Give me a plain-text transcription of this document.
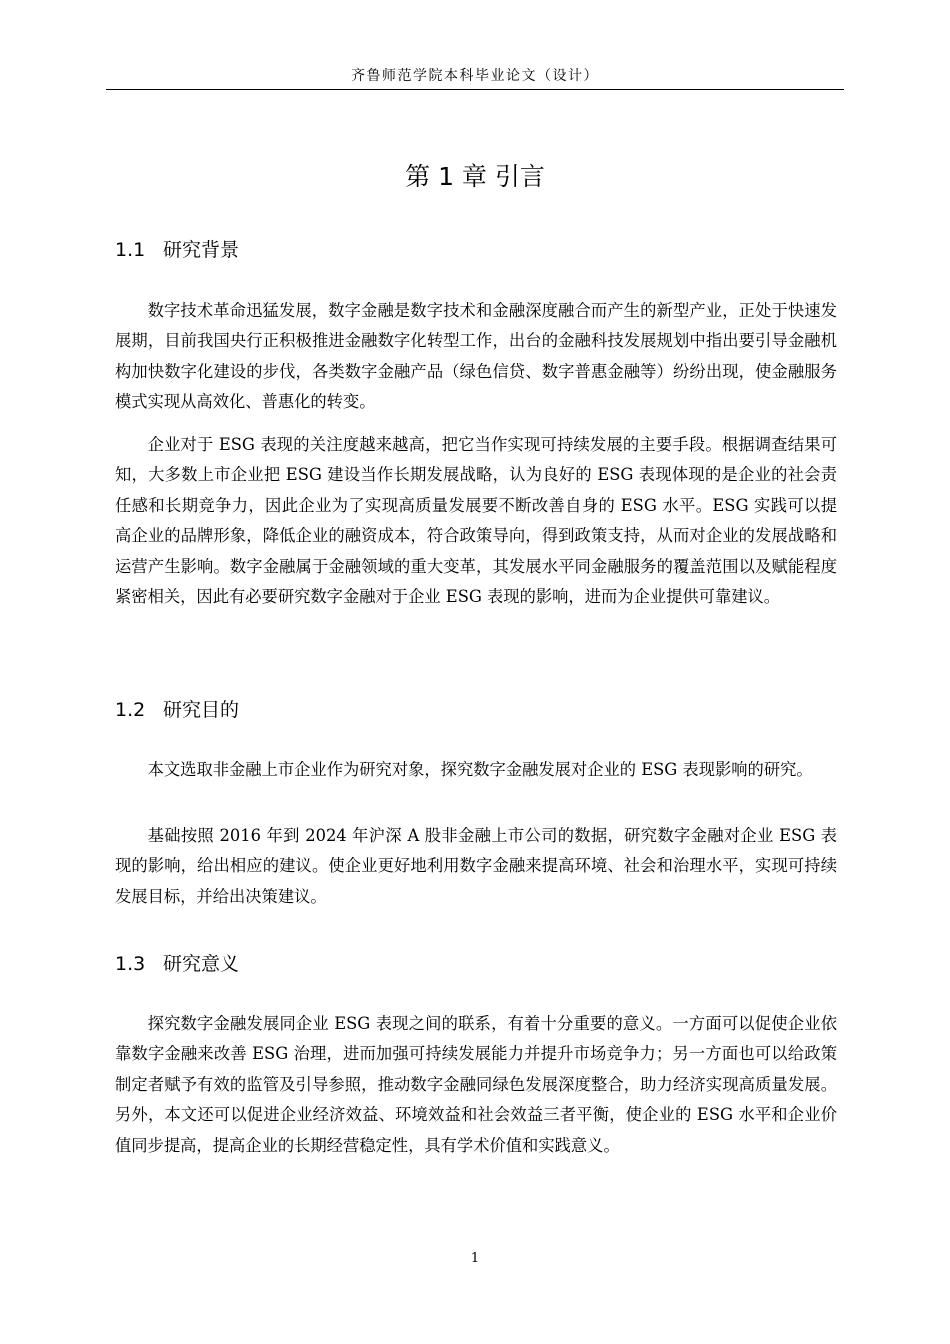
齐鲁师范学院本科毕业论文（设计）
第 1 章 引言
1.1 研究背景

数字技术革命迅猛发展，数字金融是数字技术和金融深度融合而产生的新型产业，正处于快速发展期，目前我国央行正积极推进金融数字化转型工作，出台的金融科技发展规划中指出要引导金融机构加快数字化建设的步伐，各类数字金融产品（绿色信贷、数字普惠金融等）纷纷出现，使金融服务模式实现从高效化、普惠化的转变。

企业对于 ESG 表现的关注度越来越高，把它当作实现可持续发展的主要手段。根据调查结果可知，大多数上市企业把 ESG 建设当作长期发展战略，认为良好的 ESG 表现体现的是企业的社会责任感和长期竞争力，因此企业为了实现高质量发展要不断改善自身的 ESG 水平。ESG 实践可以提高企业的品牌形象，降低企业的融资成本，符合政策导向，得到政策支持，从而对企业的发展战略和运营产生影响。数字金融属于金融领域的重大变革，其发展水平同金融服务的覆盖范围以及赋能程度紧密相关，因此有必要研究数字金融对于企业 ESG 表现的影响，进而为企业提供可靠建议。

1.2 研究目的

本文选取非金融上市企业作为研究对象，探究数字金融发展对企业的 ESG 表现影响的研究。

基础按照 2016 年到 2024 年沪深 A 股非金融上市公司的数据，研究数字金融对企业 ESG 表现的影响，给出相应的建议。使企业更好地利用数字金融来提高环境、社会和治理水平，实现可持续发展目标，并给出决策建议。

1.3 研究意义

探究数字金融发展同企业 ESG 表现之间的联系，有着十分重要的意义。一方面可以促使企业依靠数字金融来改善 ESG 治理，进而加强可持续发展能力并提升市场竞争力；另一方面也可以给政策制定者赋予有效的监管及引导参照，推动数字金融同绿色发展深度整合，助力经济实现高质量发展。另外，本文还可以促进企业经济效益、环境效益和社会效益三者平衡，使企业的 ESG 水平和企业价值同步提高，提高企业的长期经营稳定性，具有学术价值和实践意义。

1
